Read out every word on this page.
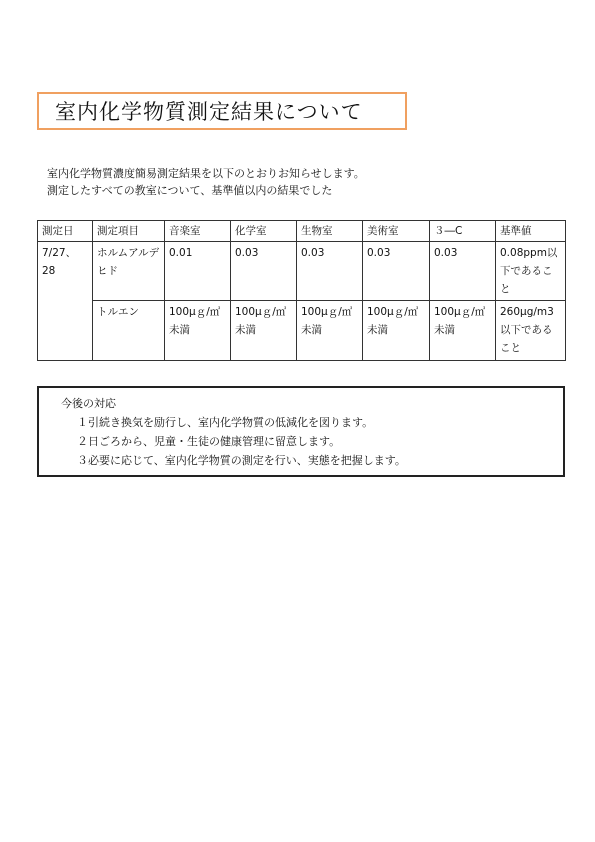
室内化学物質測定結果について
室内化学物質濃度簡易測定結果を以下のとおりお知らせします。
測定したすべての教室について、基準値以内の結果でした
測定日	測定項目	音楽室	化学室	生物室	美術室	３―C	基準値
7/27、28	ホルムアルデヒド	0.01	0.03	0.03	0.03	0.03	0.08ppm以下であること
	トルエン	100μｇ/㎥未満	100μｇ/㎥未満	100μｇ/㎥未満	100μｇ/㎥未満	100μｇ/㎥未満	260μg/m3以下であること
今後の対応
１引続き換気を励行し、室内化学物質の低減化を図ります。
２日ごろから、児童・生徒の健康管理に留意します。
３必要に応じて、室内化学物質の測定を行い、実態を把握します。
